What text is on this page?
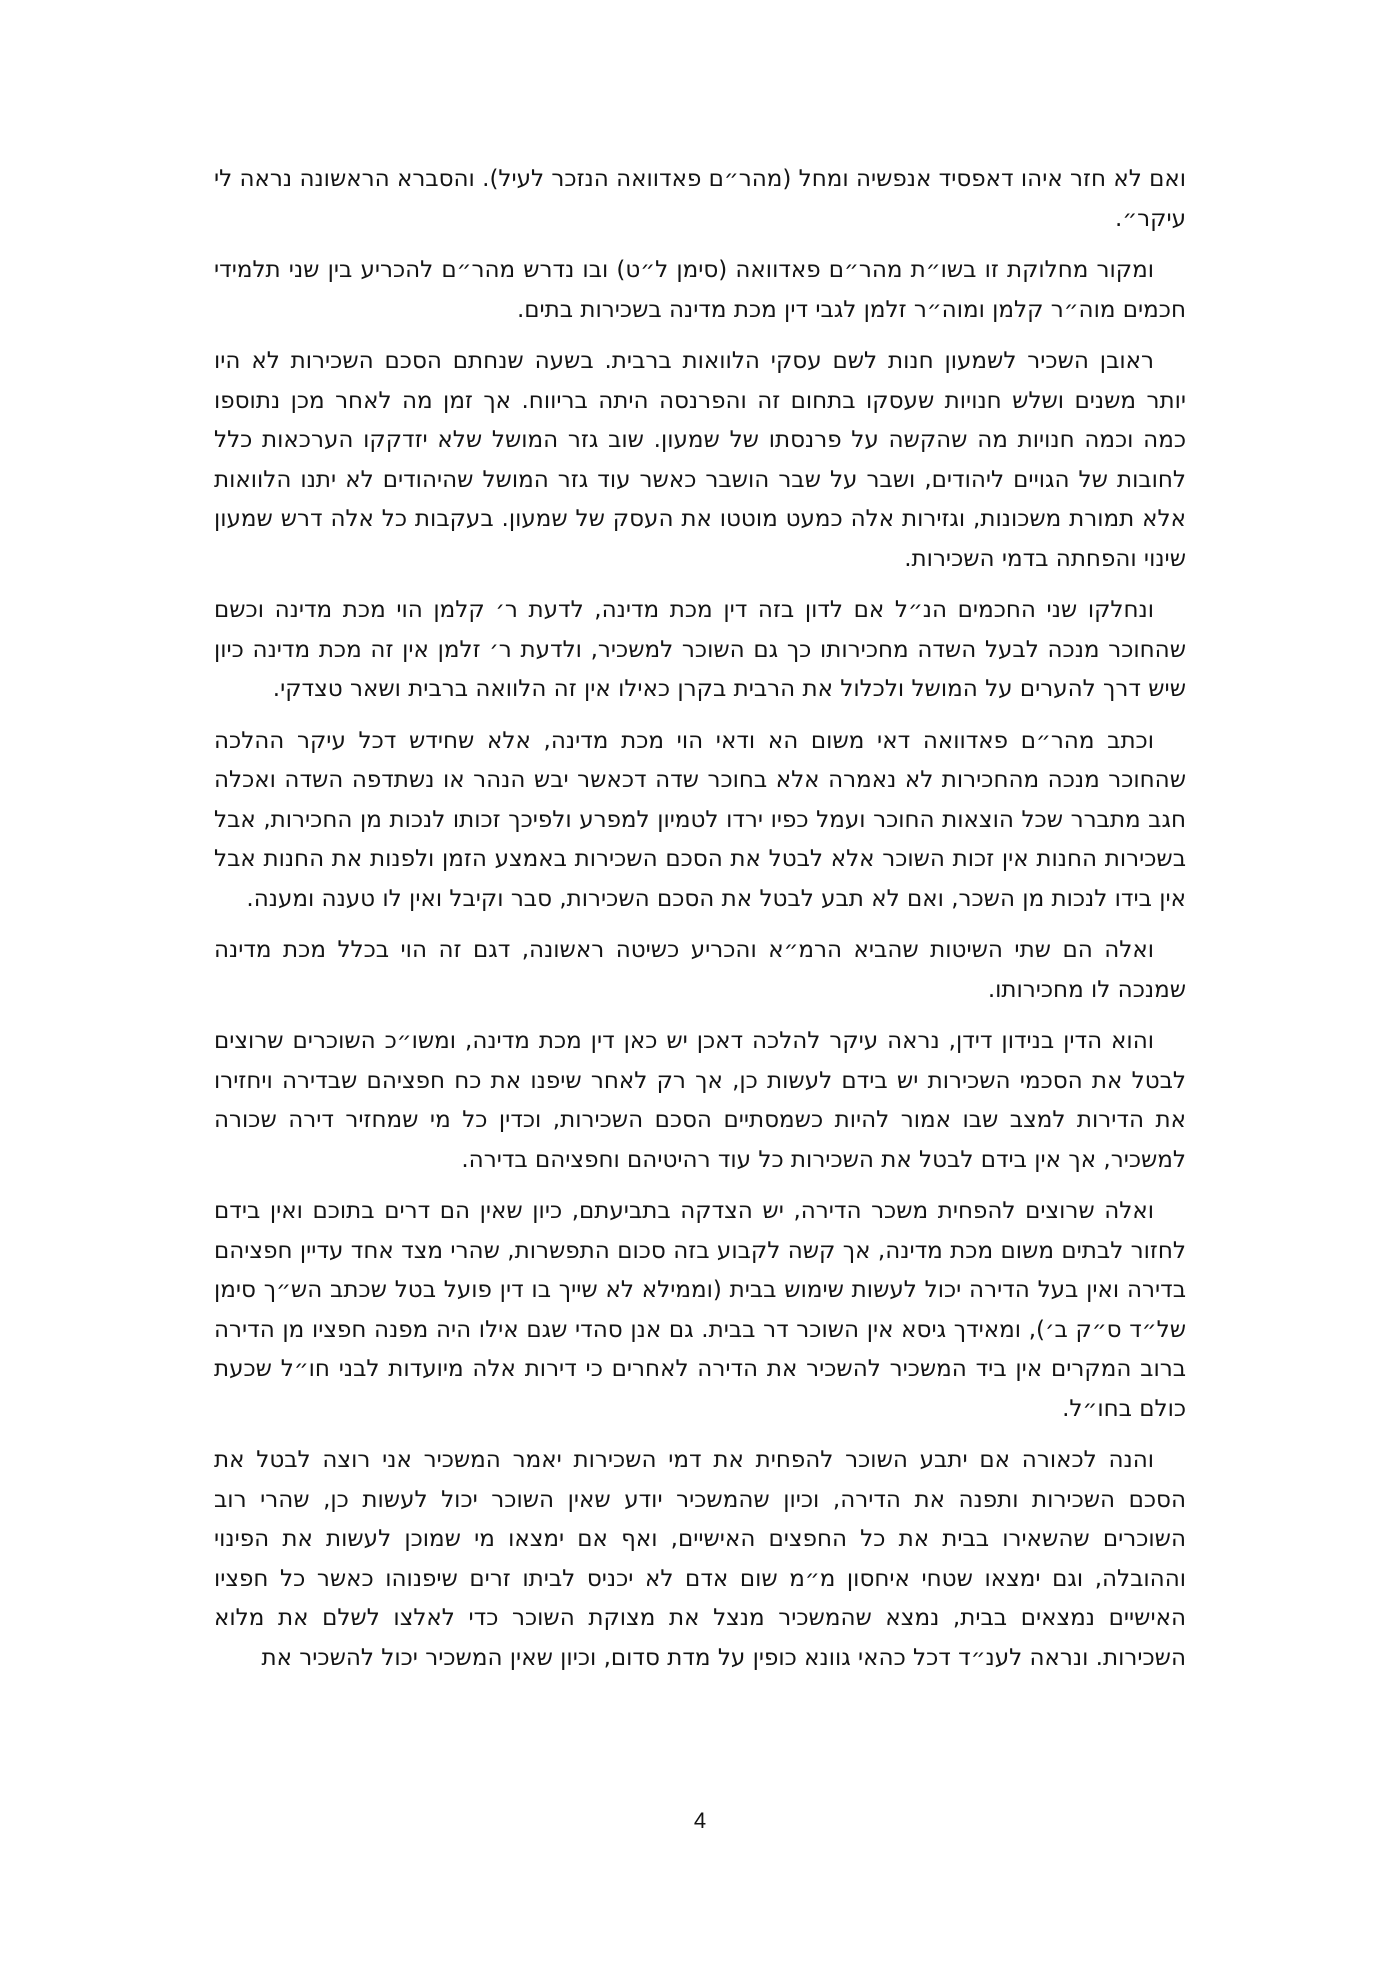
ואם לא חזר איהו דאפסיד אנפשיה ומחל (מהר״ם פאדוואה הנזכר לעיל). והסברא הראשונה נראה לי עיקר״.

ומקור מחלוקת זו בשו״ת מהר״ם פאדוואה (סימן ל״ט) ובו נדרש מהר״ם להכריע בין שני תלמידי חכמים מוה״ר קלמן ומוה״ר זלמן לגבי דין מכת מדינה בשכירות בתים.

ראובן השכיר לשמעון חנות לשם עסקי הלוואות ברבית. בשעה שנחתם הסכם השכירות לא היו יותר משנים ושלש חנויות שעסקו בתחום זה והפרנסה היתה בריווח. אך זמן מה לאחר מכן נתוספו כמה וכמה חנויות מה שהקשה על פרנסתו של שמעון. שוב גזר המושל שלא יזדקקו הערכאות כלל לחובות של הגויים ליהודים, ושבר על שבר הושבר כאשר עוד גזר המושל שהיהודים לא יתנו הלוואות אלא תמורת משכונות, וגזירות אלה כמעט מוטטו את העסק של שמעון. בעקבות כל אלה דרש שמעון שינוי והפחתה בדמי השכירות.

ונחלקו שני החכמים הנ״ל אם לדון בזה דין מכת מדינה, לדעת ר׳ קלמן הוי מכת מדינה וכשם שהחוכר מנכה לבעל השדה מחכירותו כך גם השוכר למשכיר, ולדעת ר׳ זלמן אין זה מכת מדינה כיון שיש דרך להערים על המושל ולכלול את הרבית בקרן כאילו אין זה הלוואה ברבית ושאר טצדקי.

וכתב מהר״ם פאדוואה דאי משום הא ודאי הוי מכת מדינה, אלא שחידש דכל עיקר ההלכה שהחוכר מנכה מהחכירות לא נאמרה אלא בחוכר שדה דכאשר יבש הנהר או נשתדפה השדה ואכלה חגב מתברר שכל הוצאות החוכר ועמל כפיו ירדו לטמיון למפרע ולפיכך זכותו לנכות מן החכירות, אבל בשכירות החנות אין זכות השוכר אלא לבטל את הסכם השכירות באמצע הזמן ולפנות את החנות אבל אין בידו לנכות מן השכר, ואם לא תבע לבטל את הסכם השכירות, סבר וקיבל ואין לו טענה ומענה.

ואלה הם שתי השיטות שהביא הרמ״א והכריע כשיטה ראשונה, דגם זה הוי בכלל מכת מדינה שמנכה לו מחכירותו.

והוא הדין בנידון דידן, נראה עיקר להלכה דאכן יש כאן דין מכת מדינה, ומשו״כ השוכרים שרוצים לבטל את הסכמי השכירות יש בידם לעשות כן, אך רק לאחר שיפנו את כח חפציהם שבדירה ויחזירו את הדירות למצב שבו אמור להיות כשמסתיים הסכם השכירות, וכדין כל מי שמחזיר דירה שכורה למשכיר, אך אין בידם לבטל את השכירות כל עוד רהיטיהם וחפציהם בדירה.

ואלה שרוצים להפחית משכר הדירה, יש הצדקה בתביעתם, כיון שאין הם דרים בתוכם ואין בידם לחזור לבתים משום מכת מדינה, אך קשה לקבוע בזה סכום התפשרות, שהרי מצד אחד עדיין חפציהם בדירה ואין בעל הדירה יכול לעשות שימוש בבית (וממילא לא שייך בו דין פועל בטל שכתב הש״ך סימן של״ד ס״ק ב׳), ומאידך גיסא אין השוכר דר בבית. גם אנן סהדי שגם אילו היה מפנה חפציו מן הדירה ברוב המקרים אין ביד המשכיר להשכיר את הדירה לאחרים כי דירות אלה מיועדות לבני חו״ל שכעת כולם בחו״ל.

והנה לכאורה אם יתבע השוכר להפחית את דמי השכירות יאמר המשכיר אני רוצה לבטל את הסכם השכירות ותפנה את הדירה, וכיון שהמשכיר יודע שאין השוכר יכול לעשות כן, שהרי רוב השוכרים שהשאירו בבית את כל החפצים האישיים, ואף אם ימצאו מי שמוכן לעשות את הפינוי וההובלה, וגם ימצאו שטחי איחסון מ״מ שום אדם לא יכניס לביתו זרים שיפנוהו כאשר כל חפציו האישיים נמצאים בבית, נמצא שהמשכיר מנצל את מצוקת השוכר כדי לאלצו לשלם את מלוא השכירות. ונראה לענ״ד דכל כהאי גוונא כופין על מדת סדום, וכיון שאין המשכיר יכול להשכיר את

4
